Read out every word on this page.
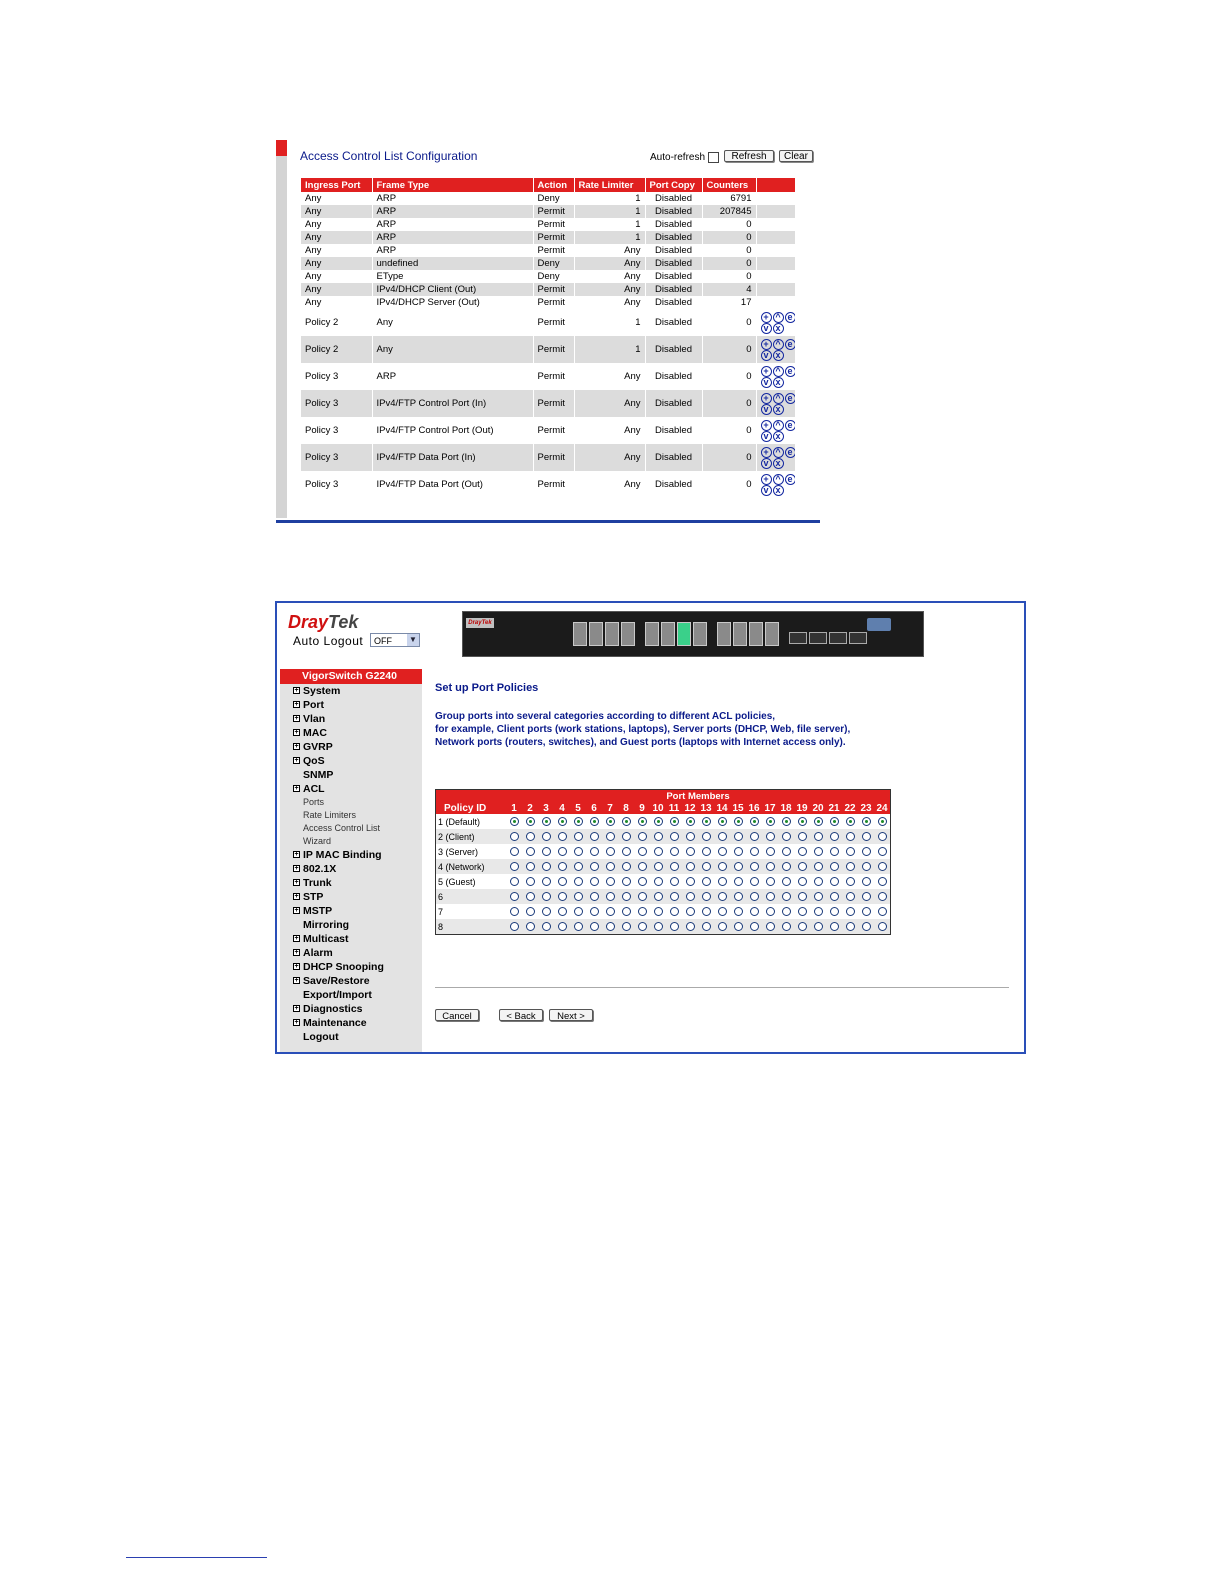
Access Control List Configuration	Auto-refresh	Refresh	Clear
Ingress Port	Frame Type	Action	Rate Limiter	Port Copy	Counters	
Any	ARP	Deny	1	Disabled	6791	
Any	ARP	Permit	1	Disabled	207845	
Any	ARP	Permit	1	Disabled	0	
Any	ARP	Permit	1	Disabled	0	
Any	ARP	Permit	Any	Disabled	0	
Any	undefined	Deny	Any	Disabled	0	
Any	EType	Deny	Any	Disabled	0	
Any	IPv4/DHCP Client (Out)	Permit	Any	Disabled	4	
Any	IPv4/DHCP Server (Out)	Permit	Any	Disabled	17	
Policy 2	Any	Permit	1	Disabled	0	+ ^ e
v x

Policy 2	Any	Permit	1	Disabled	0	+ ^ e
v x

Policy 3	ARP	Permit	Any	Disabled	0	+ ^ e
v x

Policy 3	IPv4/FTP Control Port (In)	Permit	Any	Disabled	0	+ ^ e
v x

Policy 3	IPv4/FTP Control Port (Out)	Permit	Any	Disabled	0	+ ^ e
v x

Policy 3	IPv4/FTP Data Port (In)	Permit	Any	Disabled	0	+ ^ e
v x

Policy 3	IPv4/FTP Data Port (Out)	Permit	Any	Disabled	0	+ ^ e
v x
DrayTek
Auto Logout	OFF ▼
DrayTek
VigorSwitch G2240
+ System
+ Port
+ Vlan
+ MAC
+ GVRP
+ QoS
SNMP
+ ACL
Ports
Rate Limiters
Access Control List
Wizard
+ IP MAC Binding
+ 802.1X
+ Trunk
+ STP
+ MSTP
Mirroring
+ Multicast
+ Alarm
+ DHCP Snooping
+ Save/Restore
Export/Import
+ Diagnostics
+ Maintenance
Logout
Set up Port Policies
Group ports into several categories according to different ACL policies,
for example, Client ports (work stations, laptops), Server ports (DHCP, Web, file server),
Network ports (routers, switches), and Guest ports (laptops with Internet access only).
	Port Members																							
Policy ID	1	2	3	4	5	6	7	8	9	10	11	12	13	14	15	16	17	18	19	20	21	22	23	24
1 (Default)																								
2 (Client)																								
3 (Server)																								
4 (Network)																								
5 (Guest)																								
6																								
7																								
8																								
Cancel	< Back	Next >
